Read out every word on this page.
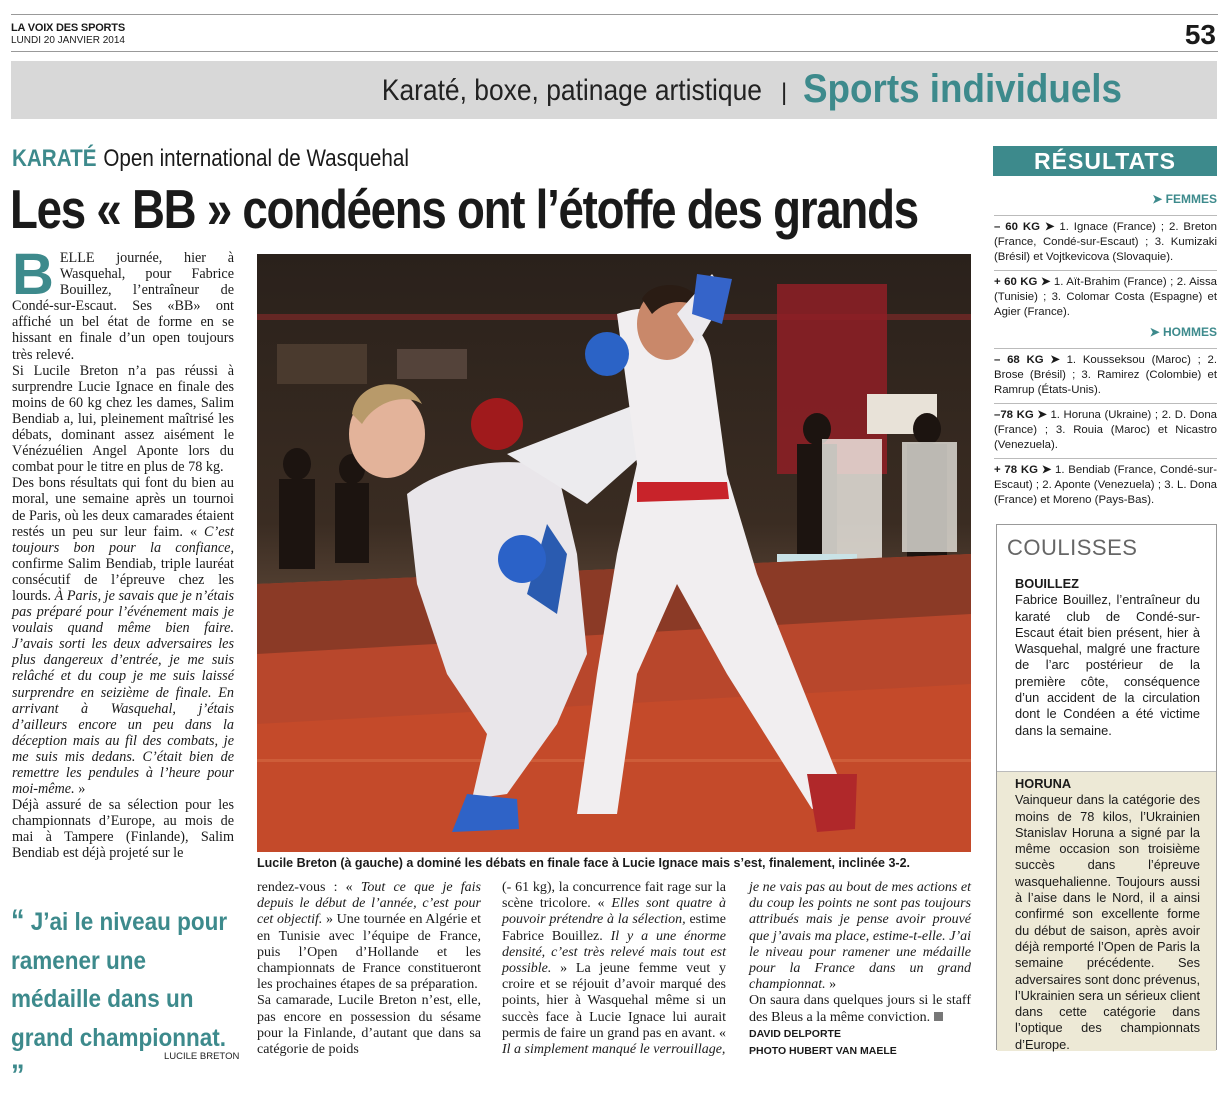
LA VOIX DES SPORTS
LUNDI 20 JANVIER 2014	53
Karaté, boxe, patinage artistique | Sports individuels
KARATÉ Open international de Wasquehal
Les « BB » condéens ont l’étoffe des grands

BELLE journée, hier à Wasquehal, pour Fabrice Bouillez, l’entraîneur de Condé-sur-Escaut. Ses «BB» ont affiché un bel état de forme en se hissant en finale d’un open toujours très relevé.

Si Lucile Breton n’a pas réussi à surprendre Lucie Ignace en finale des moins de 60 kg chez les dames, Salim Bendiab a, lui, pleinement maîtrisé les débats, dominant assez aisément le Vénézuélien Angel Aponte lors du combat pour le titre en plus de 78 kg.

Des bons résultats qui font du bien au moral, une semaine après un tournoi de Paris, où les deux camarades étaient restés un peu sur leur faim. « C’est toujours bon pour la confiance, confirme Salim Bendiab, triple lauréat consécutif de l’épreuve chez les lourds. À Paris, je savais que je n’étais pas préparé pour l’événement mais je voulais quand même bien faire. J’avais sorti les deux adversaires les plus dangereux d’entrée, je me suis relâché et du coup je me suis laissé surprendre en seizième de finale. En arrivant à Wasquehal, j’étais d’ailleurs encore un peu dans la déception mais au fil des combats, je me suis mis dedans. C’était bien de remettre les pendules à l’heure pour moi-même. »

Déjà assuré de sa sélection pour les championnats d’Europe, au mois de mai à Tampere (Finlande), Salim Bendiab est déjà projeté sur le

Lucile Breton (à gauche) a dominé les débats en finale face à Lucie Ignace mais s’est, finalement, inclinée 3-2.

rendez-vous : « Tout ce que je fais depuis le début de l’année, c’est pour cet objectif. » Une tournée en Algérie et en Tunisie avec l’équipe de France, puis l’Open d’Hollande et les championnats de France constitueront les prochaines étapes de sa préparation.

Sa camarade, Lucile Breton n’est, elle, pas encore en possession du sésame pour la Finlande, d’autant que dans sa catégorie de poids

(- 61 kg), la concurrence fait rage sur la scène tricolore. « Elles sont quatre à pouvoir prétendre à la sélection, estime Fabrice Bouillez. Il y a une énorme densité, c’est très relevé mais tout est possible. » La jeune femme veut y croire et se réjouit d’avoir marqué des points, hier à Wasquehal même si un succès face à Lucie Ignace lui aurait permis de faire un grand pas en avant. « Il a simplement manqué le verrouillage,

je ne vais pas au bout de mes actions et du coup les points ne sont pas toujours attribués mais je pense avoir prouvé que j’avais ma place, estime-t-elle. J’ai le niveau pour ramener une médaille pour la France dans un grand championnat. »

On saura dans quelques jours si le staff des Bleus a la même conviction.

DAVID DELPORTE
PHOTO HUBERT VAN MAELE
“ J’ai le niveau pour ramener une médaille dans un grand championnat. ”
LUCILE BRETON
RÉSULTATS
➤ FEMMES
– 60 KG ➤ 1. Ignace (France) ; 2. Breton (France, Condé-sur-Escaut) ; 3. Kumizaki (Brésil) et Vojtkevicova (Slovaquie).
+ 60 KG ➤ 1. Aït-Brahim (France) ; 2. Aissa (Tunisie) ; 3. Colomar Costa (Espagne) et Agier (France).
➤ HOMMES
– 68 KG ➤ 1. Kousseksou (Maroc) ; 2. Brose (Brésil) ; 3. Ramirez (Colombie) et Ramrup (États-Unis).
–78 KG ➤ 1. Horuna (Ukraine) ; 2. D. Dona (France) ; 3. Rouia (Maroc) et Nicastro (Venezuela).
+ 78 KG ➤ 1. Bendiab (France, Condé-sur-Escaut) ; 2. Aponte (Venezuela) ; 3. L. Dona (France) et Moreno (Pays-Bas).
COULISSES
BOUILLEZ
Fabrice Bouillez, l’entraîneur du karaté club de Condé-sur-Escaut était bien présent, hier à Wasquehal, malgré une fracture de l’arc postérieur de la première côte, conséquence d’un accident de la circulation dont le Condéen a été victime dans la semaine.
HORUNA
Vainqueur dans la catégorie des moins de 78 kilos, l’Ukrainien Stanislav Horuna a signé par la même occasion son troisième succès dans l’épreuve wasquehalienne. Toujours aussi à l’aise dans le Nord, il a ainsi confirmé son excellente forme du début de saison, après avoir déjà remporté l’Open de Paris la semaine précédente. Ses adversaires sont donc prévenus, l’Ukrainien sera un sérieux client dans cette catégorie dans l’optique des championnats d’Europe.
